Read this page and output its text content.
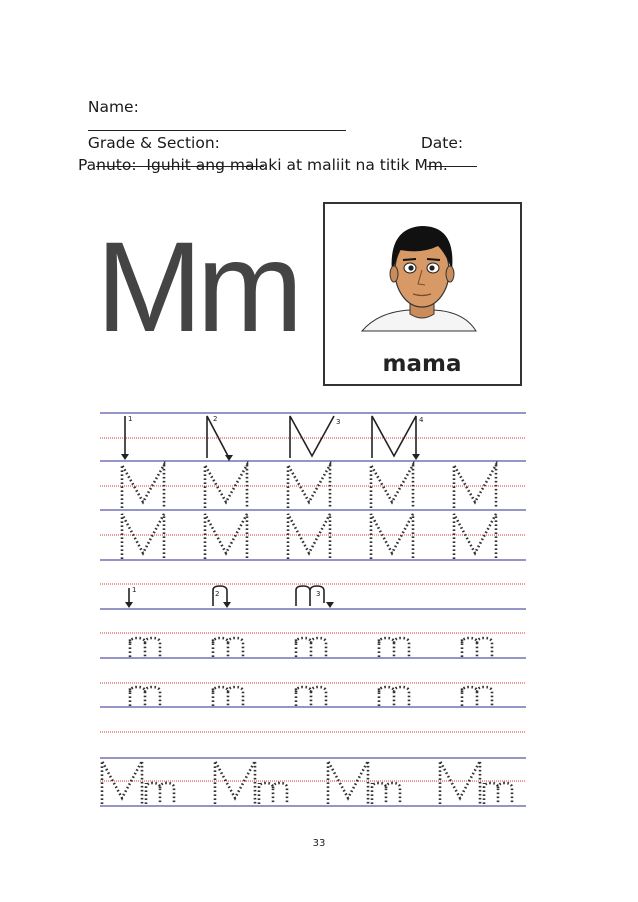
Name:

Grade & Section:
	Date:

Panuto:  Iguhit ang malaki at maliit na titik Mm.
Mm
mama
1	2	3	4
1	2	3
33
